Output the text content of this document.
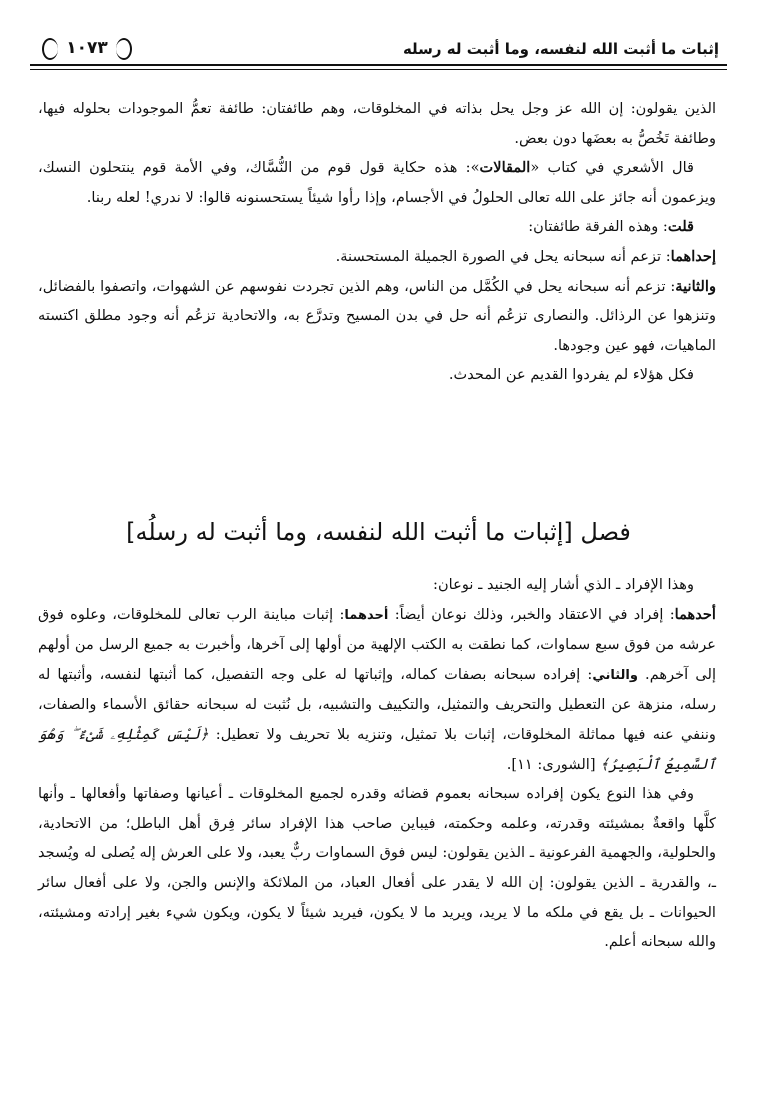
إثبات ما أثبت الله لنفسه، وما أثبت له رسله
١٠٧٣

الذين يقولون: إن الله عز وجل يحل بذاته في المخلوقات، وهم طائفتان: طائفة تعمُّ الموجودات بحلوله فيها، وطائفة تَخُصُّ به بعضَها دون بعض.

قال الأشعري في كتاب «المقالات»: هذه حكاية قول قوم من النُّسَّاك، وفي الأمة قوم ينتحلون النسك، ويزعمون أنه جائز على الله تعالى الحلولُ في الأجسام، وإذا رأوا شيئاً يستحسنونه قالوا: لا ندري! لعله ربنا.

قلت: وهذه الفرقة طائفتان:

إحداهما: تزعم أنه سبحانه يحل في الصورة الجميلة المستحسنة.

والثانية: تزعم أنه سبحانه يحل في الكُمَّل من الناس، وهم الذين تجردت نفوسهم عن الشهوات، واتصفوا بالفضائل، وتنزهوا عن الرذائل. والنصارى تزعُم أنه حل في بدن المسيح وتدرَّع به، والاتحادية تزعُم أنه وجود مطلق اكتسته الماهيات، فهو عين وجودها.

فكل هؤلاء لم يفردوا القديم عن المحدث.

فصل [إثبات ما أثبت الله لنفسه، وما أثبت له رسلُه]

وهذا الإفراد ـ الذي أشار إليه الجنيد ـ نوعان:

أحدهما: إفراد في الاعتقاد والخبر، وذلك نوعان أيضاً: أحدهما: إثبات مباينة الرب تعالى للمخلوقات، وعلوه فوق عرشه من فوق سبع سماوات، كما نطقت به الكتب الإلهية من أولها إلى آخرها، وأخبرت به جميع الرسل من أولهم إلى آخرهم. والثاني: إفراده سبحانه بصفات كماله، وإثباتها له على وجه التفصيل، كما أثبتها لنفسه، وأثبتها له رسله، منزهة عن التعطيل والتحريف والتمثيل، والتكييف والتشبيه، بل نُثبت له سبحانه حقائق الأسماء والصفات، وننفي عنه فيها مماثلة المخلوقات، إثبات بلا تمثيل، وتنزيه بلا تحريف ولا تعطيل: ﴿لَيْسَ كَمِثْلِهِۦ شَىْءٌ ۖ وَهُوَ ٱلسَّمِيعُ ٱلْبَصِيرُ﴾ [الشورى: ١١].

وفي هذا النوع يكون إفراده سبحانه بعموم قضائه وقدره لجميع المخلوقات ـ أعيانها وصفاتها وأفعالها ـ وأنها كلَّها واقعةٌ بمشيئته وقدرته، وعلمه وحكمته، فيباين صاحب هذا الإفراد سائر فِرق أهل الباطل؛ من الاتحادية، والحلولية، والجهمية الفرعونية ـ الذين يقولون: ليس فوق السماوات ربٌّ يعبد، ولا على العرش إله يُصلى له ويُسجد ـ، والقدرية ـ الذين يقولون: إن الله لا يقدر على أفعال العباد، من الملائكة والإنس والجن، ولا على أفعال سائر الحيوانات ـ بل يقع في ملكه ما لا يريد، ويريد ما لا يكون، فيريد شيئاً لا يكون، ويكون شيء بغير إرادته ومشيئته، والله سبحانه أعلم.
